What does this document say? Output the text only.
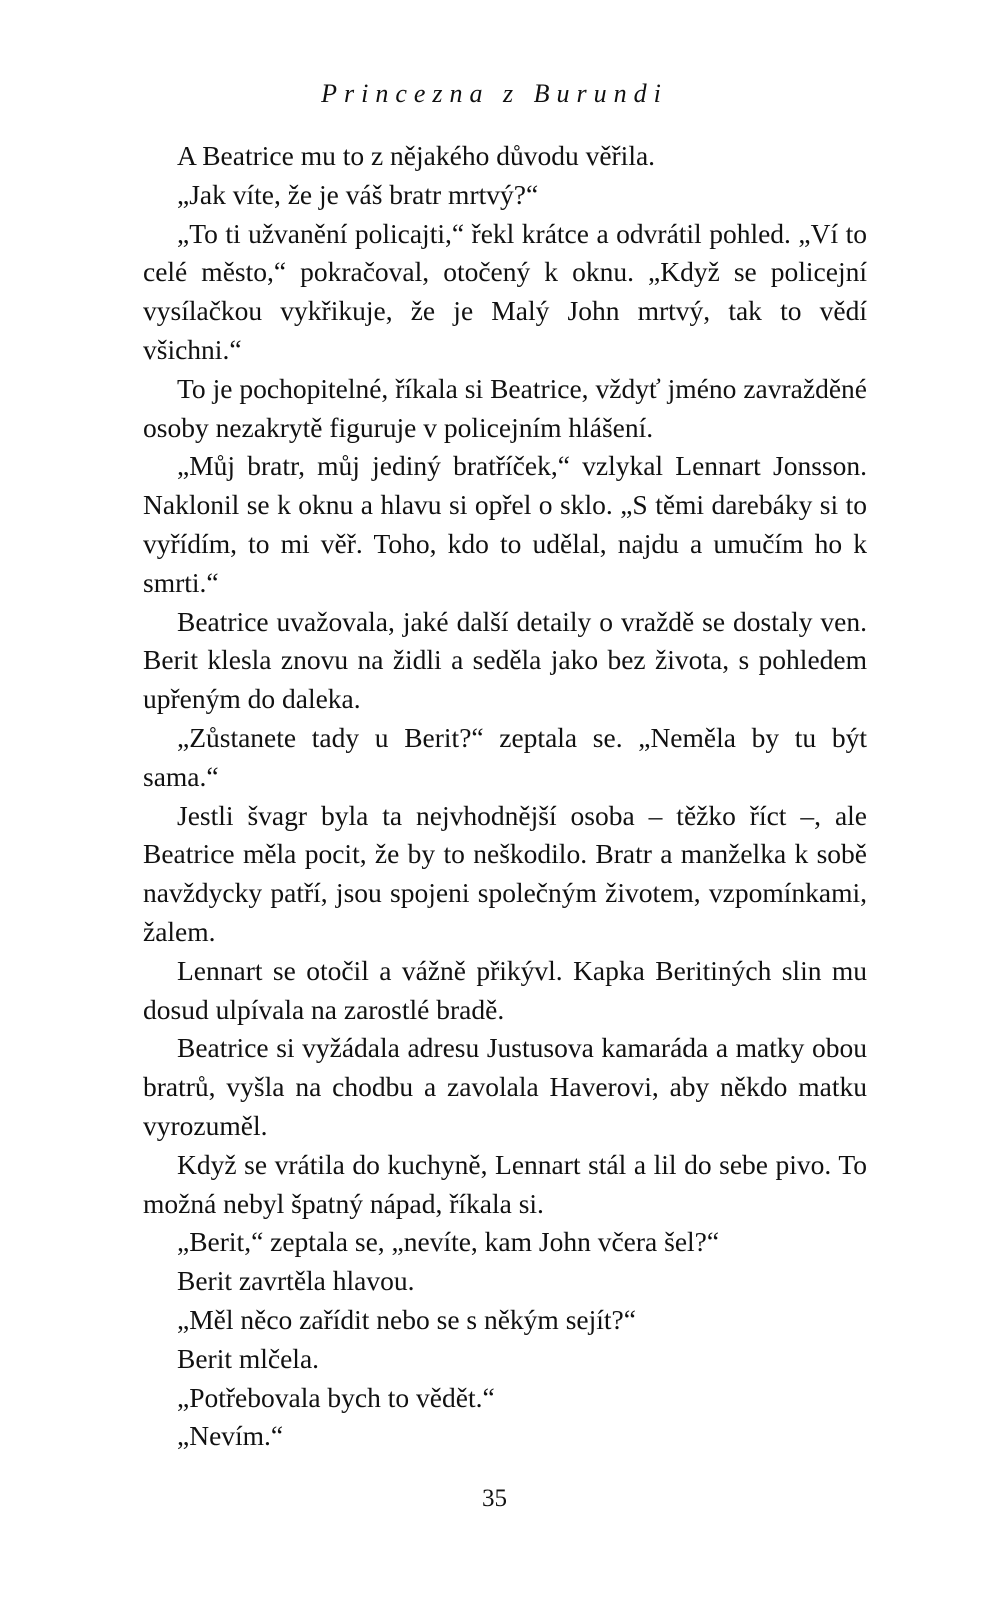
Princezna z Burundi

A Beatrice mu to z nějakého důvodu věřila.

„Jak víte, že je váš bratr mrtvý?“

„To ti užvanění policajti,“ řekl krátce a odvrátil pohled. „Ví to celé město,“ pokračoval, otočený k oknu. „Když se policejní vysílačkou vykřikuje, že je Malý John mrtvý, tak to vědí všichni.“

To je pochopitelné, říkala si Beatrice, vždyť jméno zavražděné osoby nezakrytě figuruje v policejním hlášení.

„Můj bratr, můj jediný bratříček,“ vzlykal Lennart Jonsson. Naklonil se k oknu a hlavu si opřel o sklo. „S těmi darebáky si to vyřídím, to mi věř. Toho, kdo to udělal, najdu a umučím ho k smrti.“

Beatrice uvažovala, jaké další detaily o vraždě se dostaly ven. Berit klesla znovu na židli a seděla jako bez života, s pohledem upřeným do daleka.

„Zůstanete tady u Berit?“ zeptala se. „Neměla by tu být sama.“

Jestli švagr byla ta nejvhodnější osoba – těžko říct –, ale Beatrice měla pocit, že by to neškodilo. Bratr a manželka k sobě navždycky patří, jsou spojeni společným životem, vzpomínkami, žalem.

Lennart se otočil a vážně přikývl. Kapka Beritiných slin mu dosud ulpívala na zarostlé bradě.

Beatrice si vyžádala adresu Justusova kamaráda a matky obou bratrů, vyšla na chodbu a zavolala Haverovi, aby někdo matku vyrozuměl.

Když se vrátila do kuchyně, Lennart stál a lil do sebe pivo. To možná nebyl špatný nápad, říkala si.

„Berit,“ zeptala se, „nevíte, kam John včera šel?“

Berit zavrtěla hlavou.

„Měl něco zařídit nebo se s někým sejít?“

Berit mlčela.

„Potřebovala bych to vědět.“

„Nevím.“

35
